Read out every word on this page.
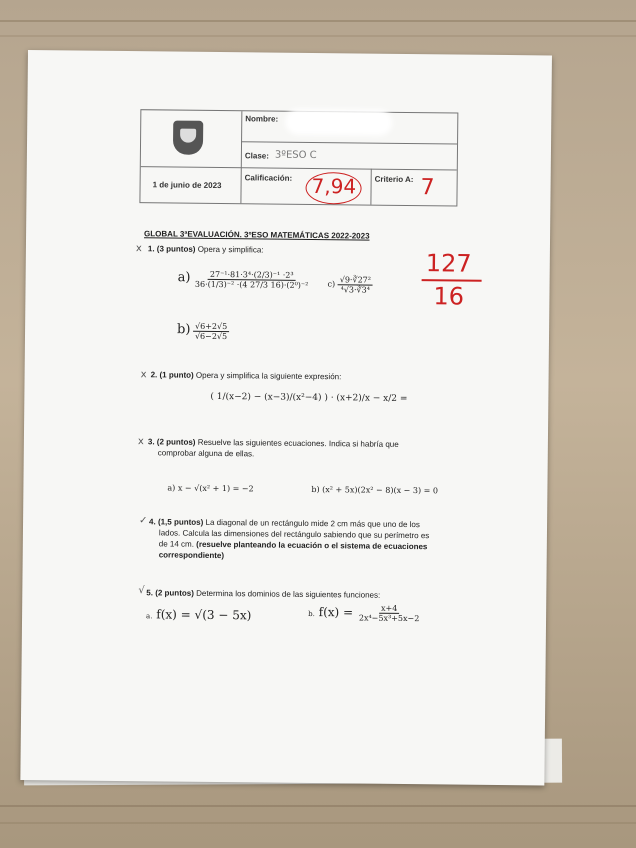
1 de junio de 2023
Nombre:
Clase: 3ºESO C
Calificación: 7,94 Criterio A: 7
127
16
GLOBAL 3ªEVALUACIÓN. 3ºESO MATEMÁTICAS 2022-2023
x 1. (3 puntos) Opera y simplifica:
$a) \frac{\text{27⁻¹·81·3⁴·(2/3)⁻¹ ·2³}}{\text{36·(1/3)⁻² ·(4 27/3 16)·(2⁰)⁻²}} c) \frac{\text{√9·∛27²}}{\text{⁴√3·∛3⁴}}$
$b) \frac{√6+2√5}{√6-2√5}$
x 2. (1 punto) Opera y simplifica la siguiente expresión:
( 1/(x−2) − (x−3)/(x²−4) ) · (x+2)/x − x/2 =
x 3. (2 puntos) Resuelve las siguientes ecuaciones. Indica si habría que
comprobar alguna de ellas.
a) x − √(x² + 1) = −2	b) (x² + 5x)(2x² − 8)(x − 3) = 0
✓ 4. (1,5 puntos) La diagonal de un rectángulo mide 2 cm más que uno de los
lados. Calcula las dimensiones del rectángulo sabiendo que su perímetro es
de 14 cm. (resuelve planteando la ecuación o el sistema de ecuaciones
correspondiente)
√ 5. (2 puntos) Determina los dominios de las siguientes funciones:
a. f(x) = √(3 − 5x)	b. $f(x) = \frac{x+4}{\text{2x⁴−5x³+5x−2}}$
